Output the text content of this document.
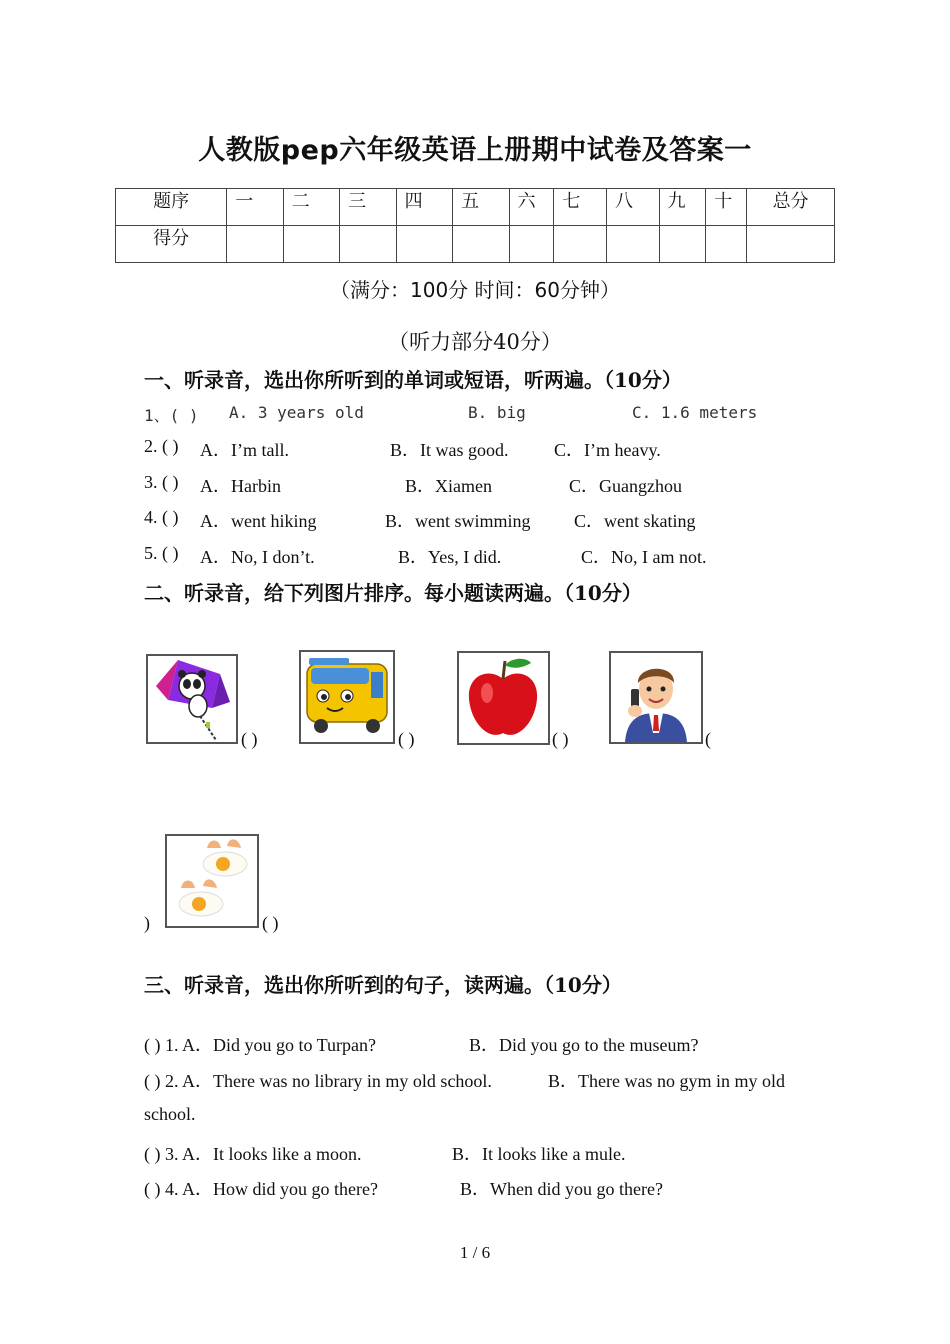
人教版pep六年级英语上册期中试卷及答案一
题序	一	二	三	四	五	六	七	八	九	十	总分
得分											
（满分：100分 时间：60分钟）
（听力部分40分）
一、听录音，选出你所听到的单词或短语，听两遍。（10分）
1、( ) A. 3 years old	B. big	C. 1.6 meters
2. ( ) A．I’m tall.	B．It was good.	C．I’m heavy.
3. ( ) A．Harbin	B．Xiamen	C．Guangzhou
4. ( ) A．went hiking	B．went swimming C．went skating
5. ( ) A．No, I don’t.	B．Yes, I did.	C．No, I am not.
二、听录音，给下列图片排序。每小题读两遍。（10分）
( )	( )	( )	(
)	( )
三、听录音，选出你所听到的句子，读两遍。（10分）
( ) 1. A．Did you go to Turpan?	B．Did you go to the museum?
( ) 2. A．There was no library in my old school.	B．There was no gym in my old
school.
( ) 3. A．It looks like a moon.	B．It looks like a mule.
( ) 4. A．How did you go there?	B．When did you go there?
1 / 6
